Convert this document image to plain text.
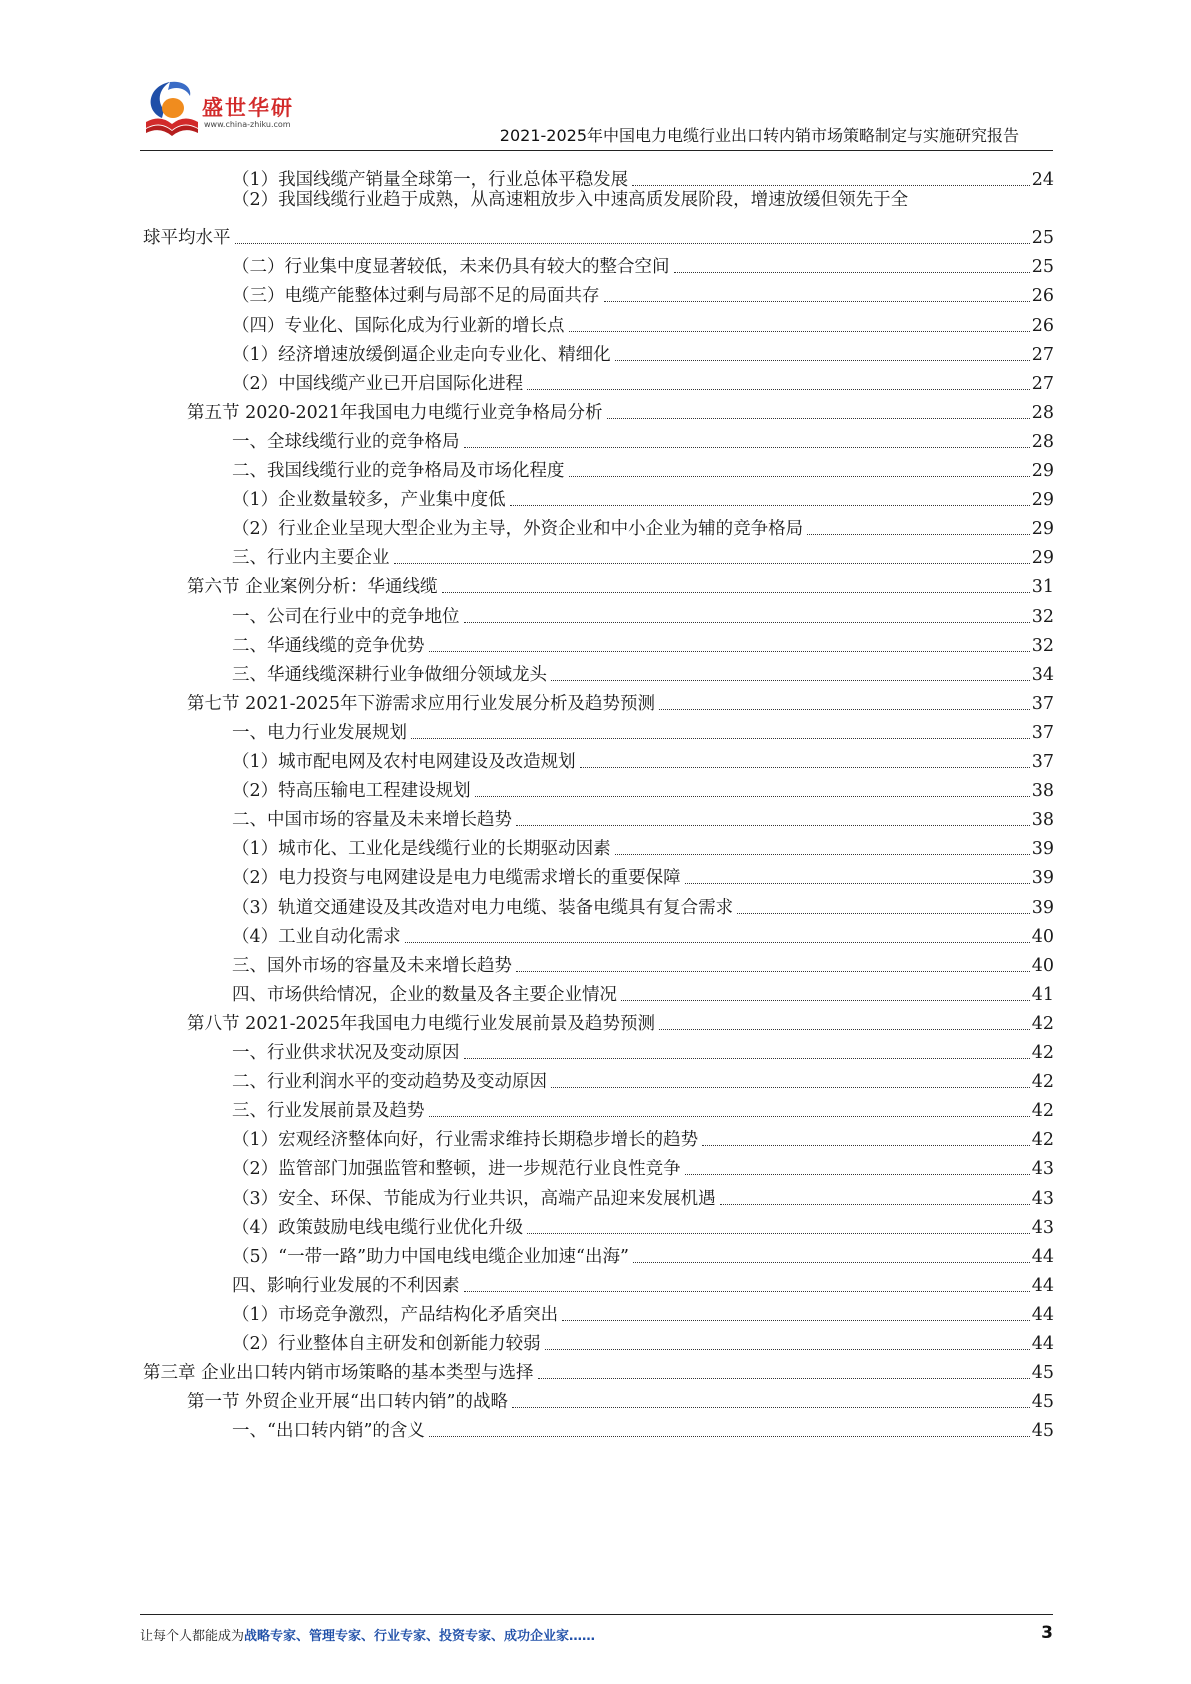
盛世华研
www.china-zhiku.com
2021-2025年中国电力电缆行业出口转内销市场策略制定与实施研究报告
（1）我国线缆产销量全球第一，行业总体平稳发展	24
（2）我国线缆行业趋于成熟，从高速粗放步入中速高质发展阶段，增速放缓但领先于全
球平均水平	25
（二）行业集中度显著较低，未来仍具有较大的整合空间	25
（三）电缆产能整体过剩与局部不足的局面共存	26
（四）专业化、国际化成为行业新的增长点	26
（1）经济增速放缓倒逼企业走向专业化、精细化	27
（2）中国线缆产业已开启国际化进程	27
第五节 2020-2021年我国电力电缆行业竞争格局分析	28
一、全球线缆行业的竞争格局	28
二、我国线缆行业的竞争格局及市场化程度	29
（1）企业数量较多，产业集中度低	29
（2）行业企业呈现大型企业为主导，外资企业和中小企业为辅的竞争格局	29
三、行业内主要企业	29
第六节 企业案例分析：华通线缆	31
一、公司在行业中的竞争地位	32
二、华通线缆的竞争优势	32
三、华通线缆深耕行业争做细分领域龙头	34
第七节 2021-2025年下游需求应用行业发展分析及趋势预测	37
一、电力行业发展规划	37
（1）城市配电网及农村电网建设及改造规划	37
（2）特高压输电工程建设规划	38
二、中国市场的容量及未来增长趋势	38
（1）城市化、工业化是线缆行业的长期驱动因素	39
（2）电力投资与电网建设是电力电缆需求增长的重要保障	39
（3）轨道交通建设及其改造对电力电缆、装备电缆具有复合需求	39
（4）工业自动化需求	40
三、国外市场的容量及未来增长趋势	40
四、市场供给情况，企业的数量及各主要企业情况	41
第八节 2021-2025年我国电力电缆行业发展前景及趋势预测	42
一、行业供求状况及变动原因	42
二、行业利润水平的变动趋势及变动原因	42
三、行业发展前景及趋势	42
（1）宏观经济整体向好，行业需求维持长期稳步增长的趋势	42
（2）监管部门加强监管和整顿，进一步规范行业良性竞争	43
（3）安全、环保、节能成为行业共识，高端产品迎来发展机遇	43
（4）政策鼓励电线电缆行业优化升级	43
（5）“一带一路”助力中国电线电缆企业加速“出海”	44
四、影响行业发展的不利因素	44
（1）市场竞争激烈，产品结构化矛盾突出	44
（2）行业整体自主研发和创新能力较弱	44
第三章 企业出口转内销市场策略的基本类型与选择	45
第一节 外贸企业开展“出口转内销”的战略	45
一、“出口转内销”的含义	45
让每个人都能成为战略专家、管理专家、行业专家、投资专家、成功企业家……	3
